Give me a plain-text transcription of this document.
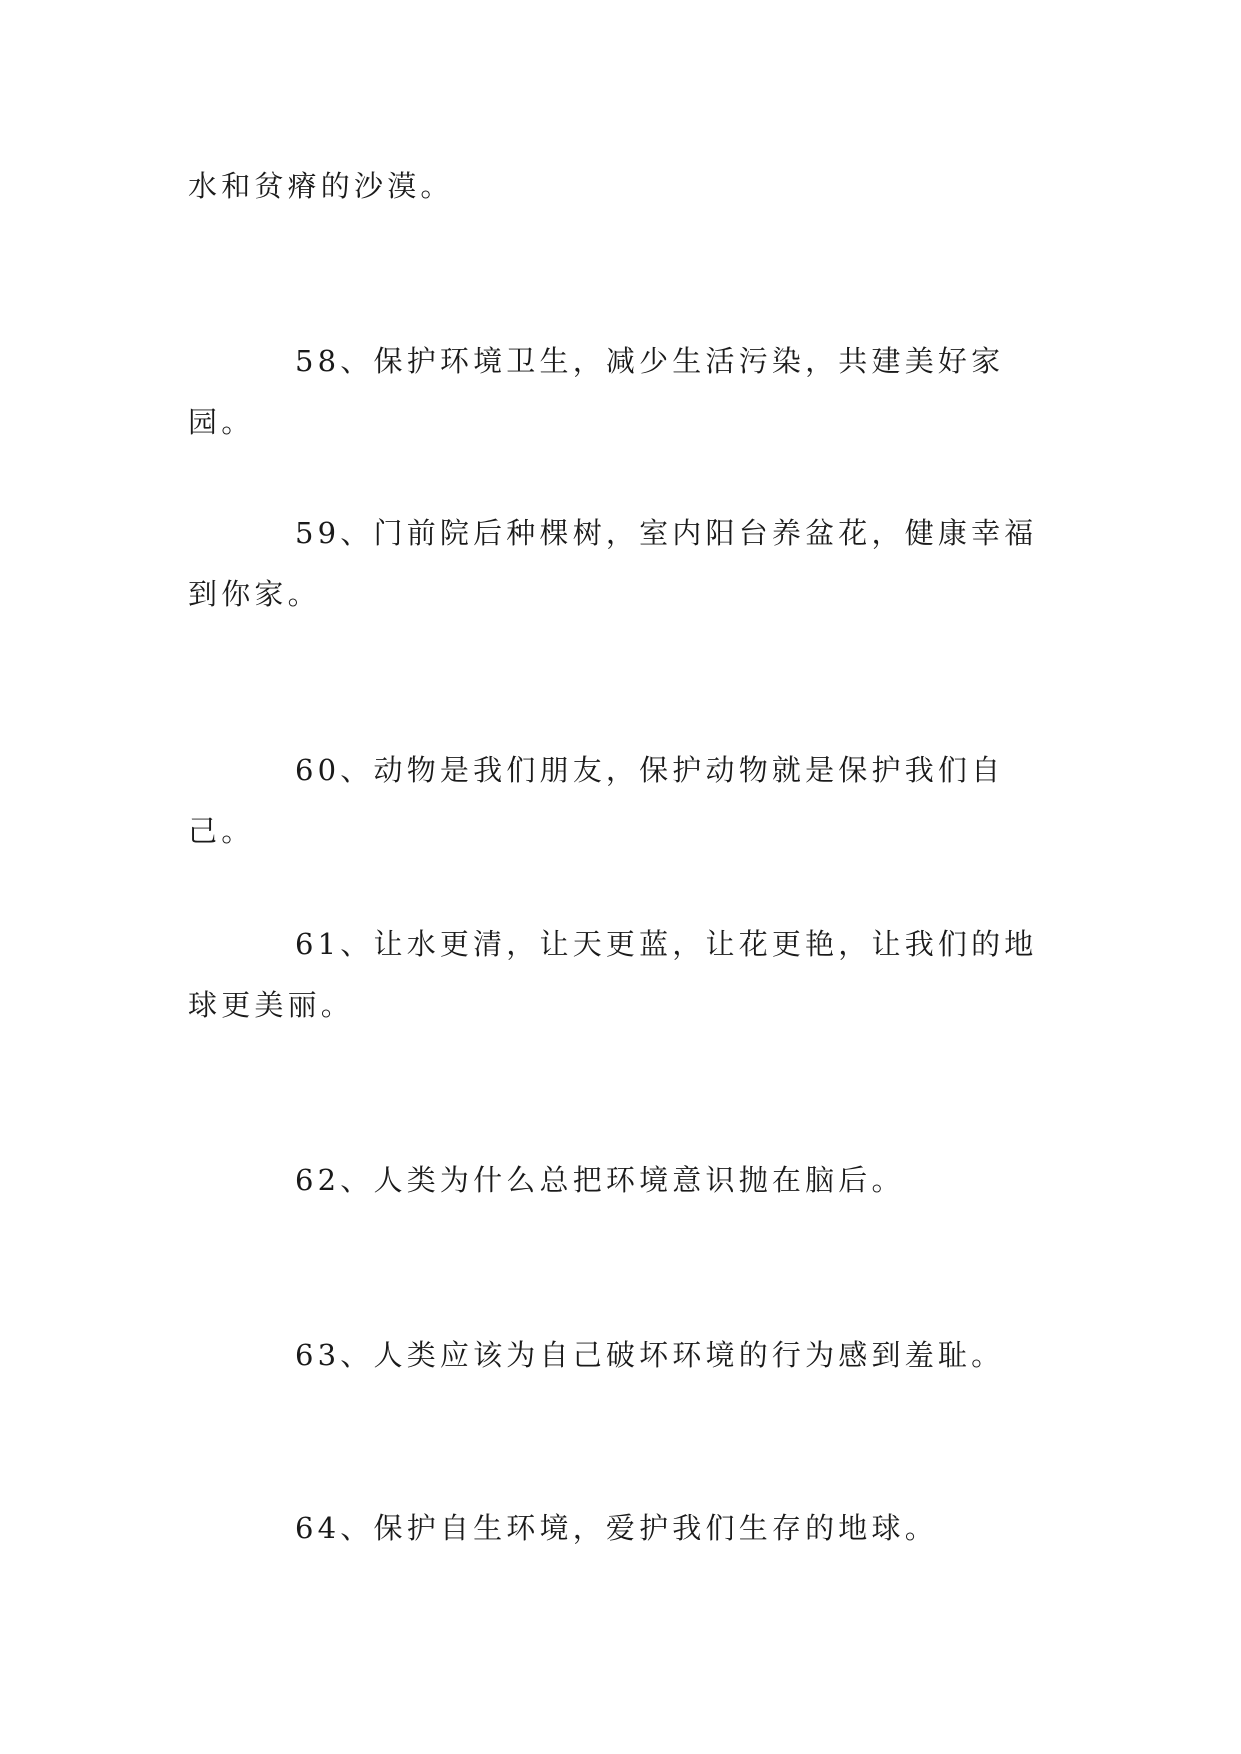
水和贫瘠的沙漠。

58、保护环境卫生，减少生活污染，共建美好家园。

59、门前院后种棵树，室内阳台养盆花，健康幸福到你家。

60、动物是我们朋友，保护动物就是保护我们自己。

61、让水更清，让天更蓝，让花更艳，让我们的地球更美丽。

62、人类为什么总把环境意识抛在脑后。

63、人类应该为自己破坏环境的行为感到羞耻。

64、保护自生环境，爱护我们生存的地球。
